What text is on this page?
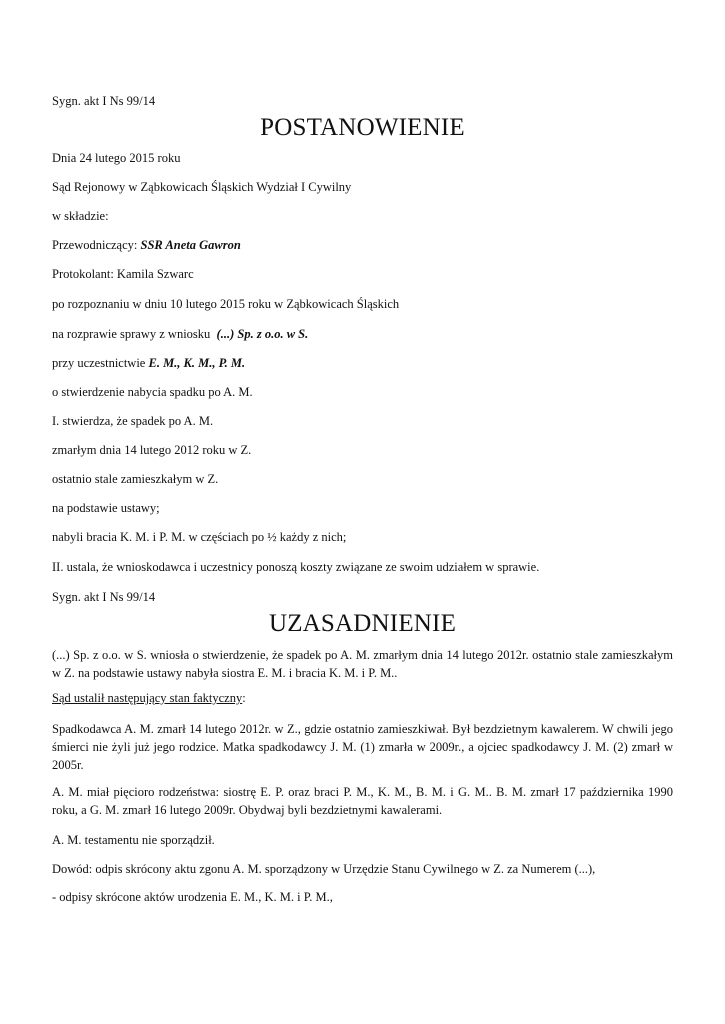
Sygn. akt I Ns 99/14
POSTANOWIENIE
Dnia 24 lutego 2015 roku
Sąd Rejonowy w Ząbkowicach Śląskich Wydział I Cywilny
w składzie:
Przewodniczący: SSR Aneta Gawron
Protokolant: Kamila Szwarc
po rozpoznaniu w dniu 10 lutego 2015 roku w Ząbkowicach Śląskich
na rozprawie sprawy z wniosku  (...) Sp. z o.o. w S.
przy uczestnictwie E. M., K. M., P. M.
o stwierdzenie nabycia spadku po A. M.
I. stwierdza, że spadek po A. M.
zmarłym dnia 14 lutego 2012 roku w Z.
ostatnio stale zamieszkałym w Z.
na podstawie ustawy;
nabyli bracia K. M. i P. M. w częściach po ½ każdy z nich;
II. ustala, że wnioskodawca i uczestnicy ponoszą koszty związane ze swoim udziałem w sprawie.
Sygn. akt I Ns 99/14
UZASADNIENIE
(...) Sp. z o.o. w S. wniosła o stwierdzenie, że spadek po A. M. zmarłym dnia 14 lutego 2012r. ostatnio stale zamieszkałym w Z. na podstawie ustawy nabyła siostra E. M. i bracia K. M. i P. M..
Sąd ustalił następujący stan faktyczny:
Spadkodawca A. M. zmarł 14 lutego 2012r. w Z., gdzie ostatnio zamieszkiwał. Był bezdzietnym kawalerem. W chwili jego śmierci nie żyli już jego rodzice. Matka spadkodawcy J. M. (1) zmarła w 2009r., a ojciec spadkodawcy J. M. (2) zmarł w 2005r.
A. M. miał pięcioro rodzeństwa: siostrę E. P. oraz braci P. M., K. M., B. M. i G. M.. B. M. zmarł 17 października 1990 roku, a G. M. zmarł 16 lutego 2009r. Obydwaj byli bezdzietnymi kawalerami.
A. M. testamentu nie sporządził.
Dowód: odpis skrócony aktu zgonu A. M. sporządzony w Urzędzie Stanu Cywilnego w Z. za Numerem (...),
- odpisy skrócone aktów urodzenia E. M., K. M. i P. M.,
